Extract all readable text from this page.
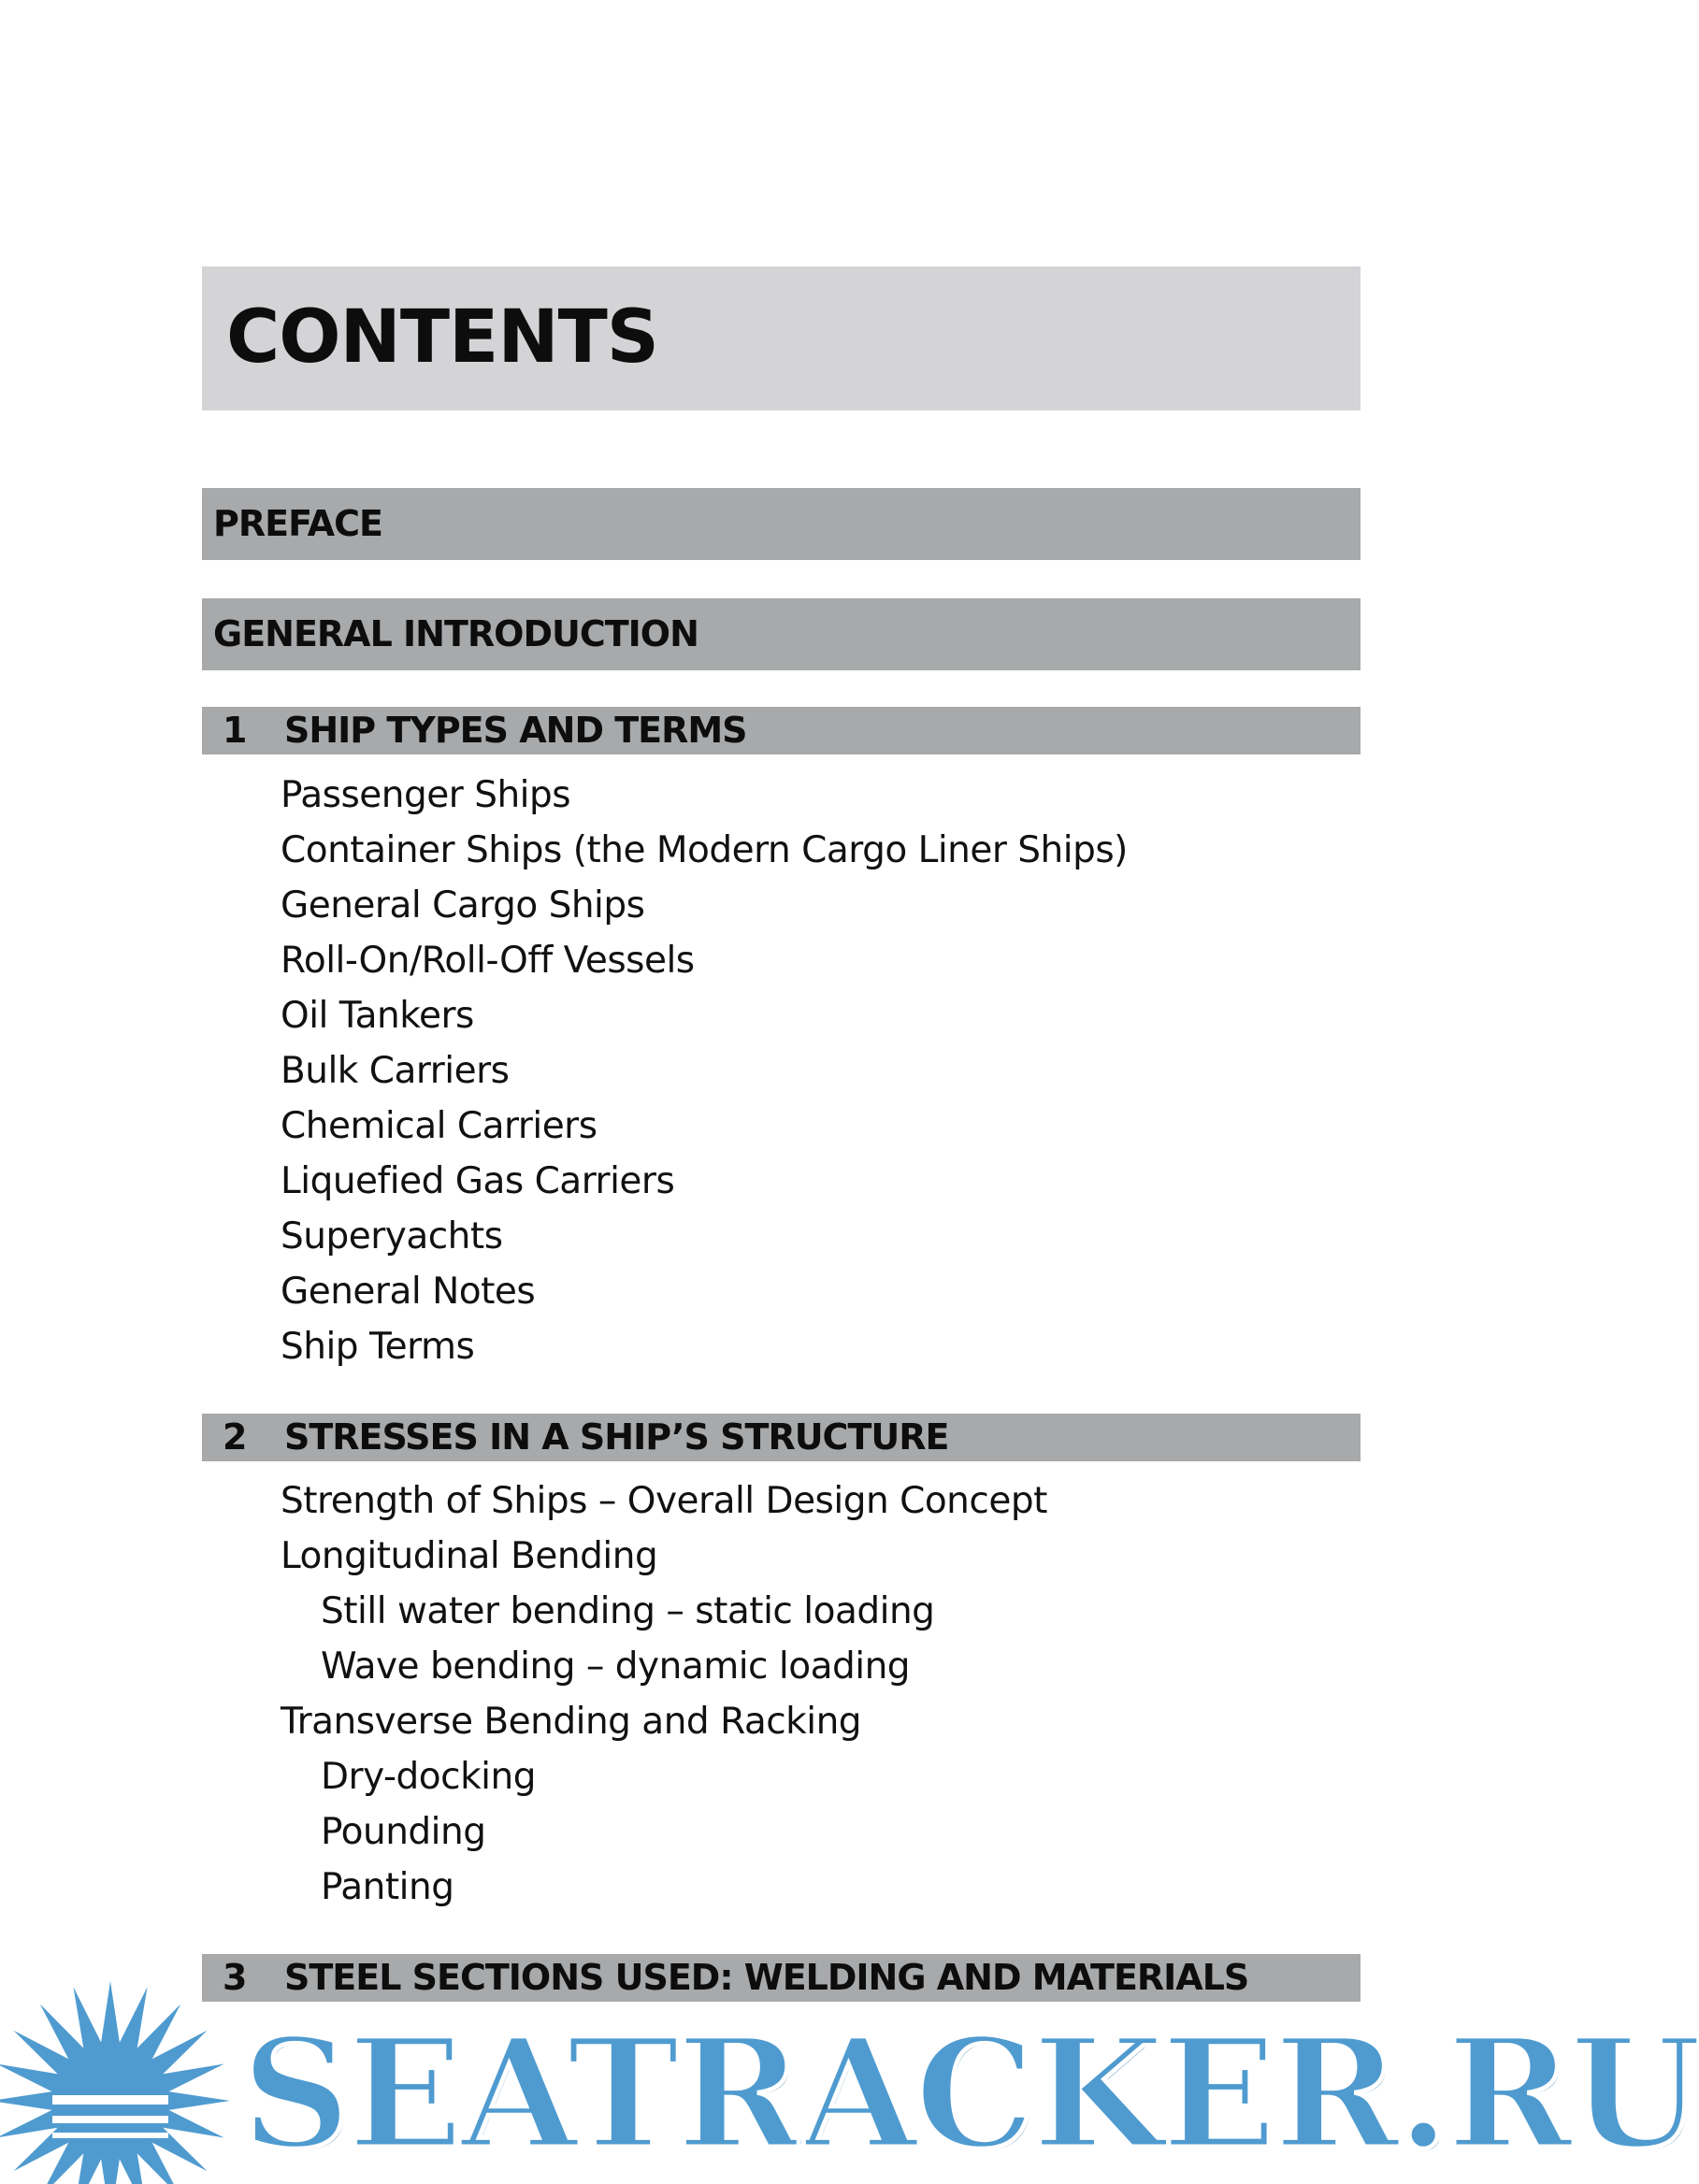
CONTENTS
PREFACE
GENERAL INTRODUCTION
1 SHIP TYPES AND TERMS
Passenger Ships
Container Ships (the Modern Cargo Liner Ships)
General Cargo Ships
Roll-On/Roll-Off Vessels
Oil Tankers
Bulk Carriers
Chemical Carriers
Liquefied Gas Carriers
Superyachts
General Notes
Ship Terms
2 STRESSES IN A SHIP’S STRUCTURE
Strength of Ships – Overall Design Concept
Longitudinal Bending
Still water bending – static loading
Wave bending – dynamic loading
Transverse Bending and Racking
Dry-docking
Pounding
Panting
3 STEEL SECTIONS USED: WELDING AND MATERIALS
SEATRACKER.RU
